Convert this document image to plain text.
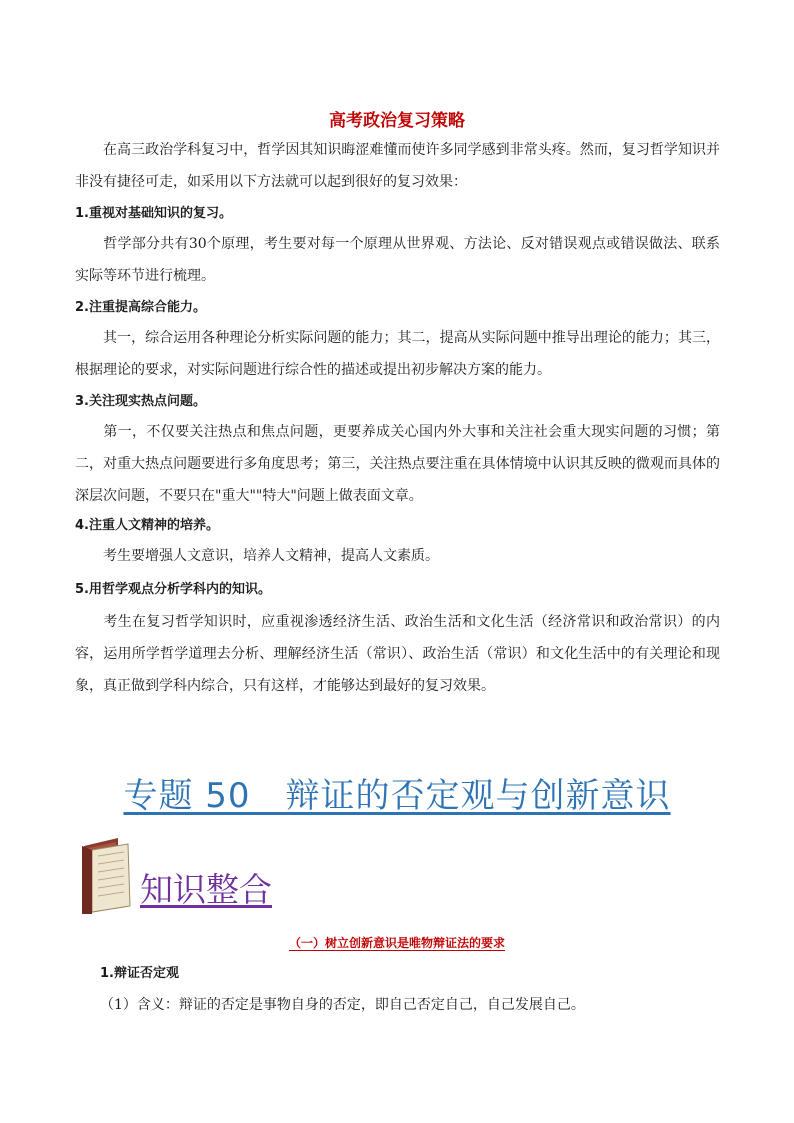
高考政治复习策略
在高三政治学科复习中，哲学因其知识晦涩难懂而使许多同学感到非常头疼。然而，复习哲学知识并非没有捷径可走，如采用以下方法就可以起到很好的复习效果：
1.重视对基础知识的复习。
哲学部分共有30个原理，考生要对每一个原理从世界观、方法论、反对错误观点或错误做法、联系实际等环节进行梳理。
2.注重提高综合能力。
其一，综合运用各种理论分析实际问题的能力；其二，提高从实际问题中推导出理论的能力；其三，根据理论的要求，对实际问题进行综合性的描述或提出初步解决方案的能力。
3.关注现实热点问题。
第一，不仅要关注热点和焦点问题，更要养成关心国内外大事和关注社会重大现实问题的习惯；第二，对重大热点问题要进行多角度思考；第三，关注热点要注重在具体情境中认识其反映的微观而具体的深层次问题，不要只在"重大""特大"问题上做表面文章。
4.注重人文精神的培养。
考生要增强人文意识，培养人文精神，提高人文素质。
5.用哲学观点分析学科内的知识。
考生在复习哲学知识时，应重视渗透经济生活、政治生活和文化生活（经济常识和政治常识）的内容，运用所学哲学道理去分析、理解经济生活（常识）、政治生活（常识）和文化生活中的有关理论和现象，真正做到学科内综合，只有这样，才能够达到最好的复习效果。
专题 50　辩证的否定观与创新意识
知识整合
（一）树立创新意识是唯物辩证法的要求
1.辩证否定观
（1）含义：辩证的否定是事物自身的否定，即自己否定自己，自己发展自己。
